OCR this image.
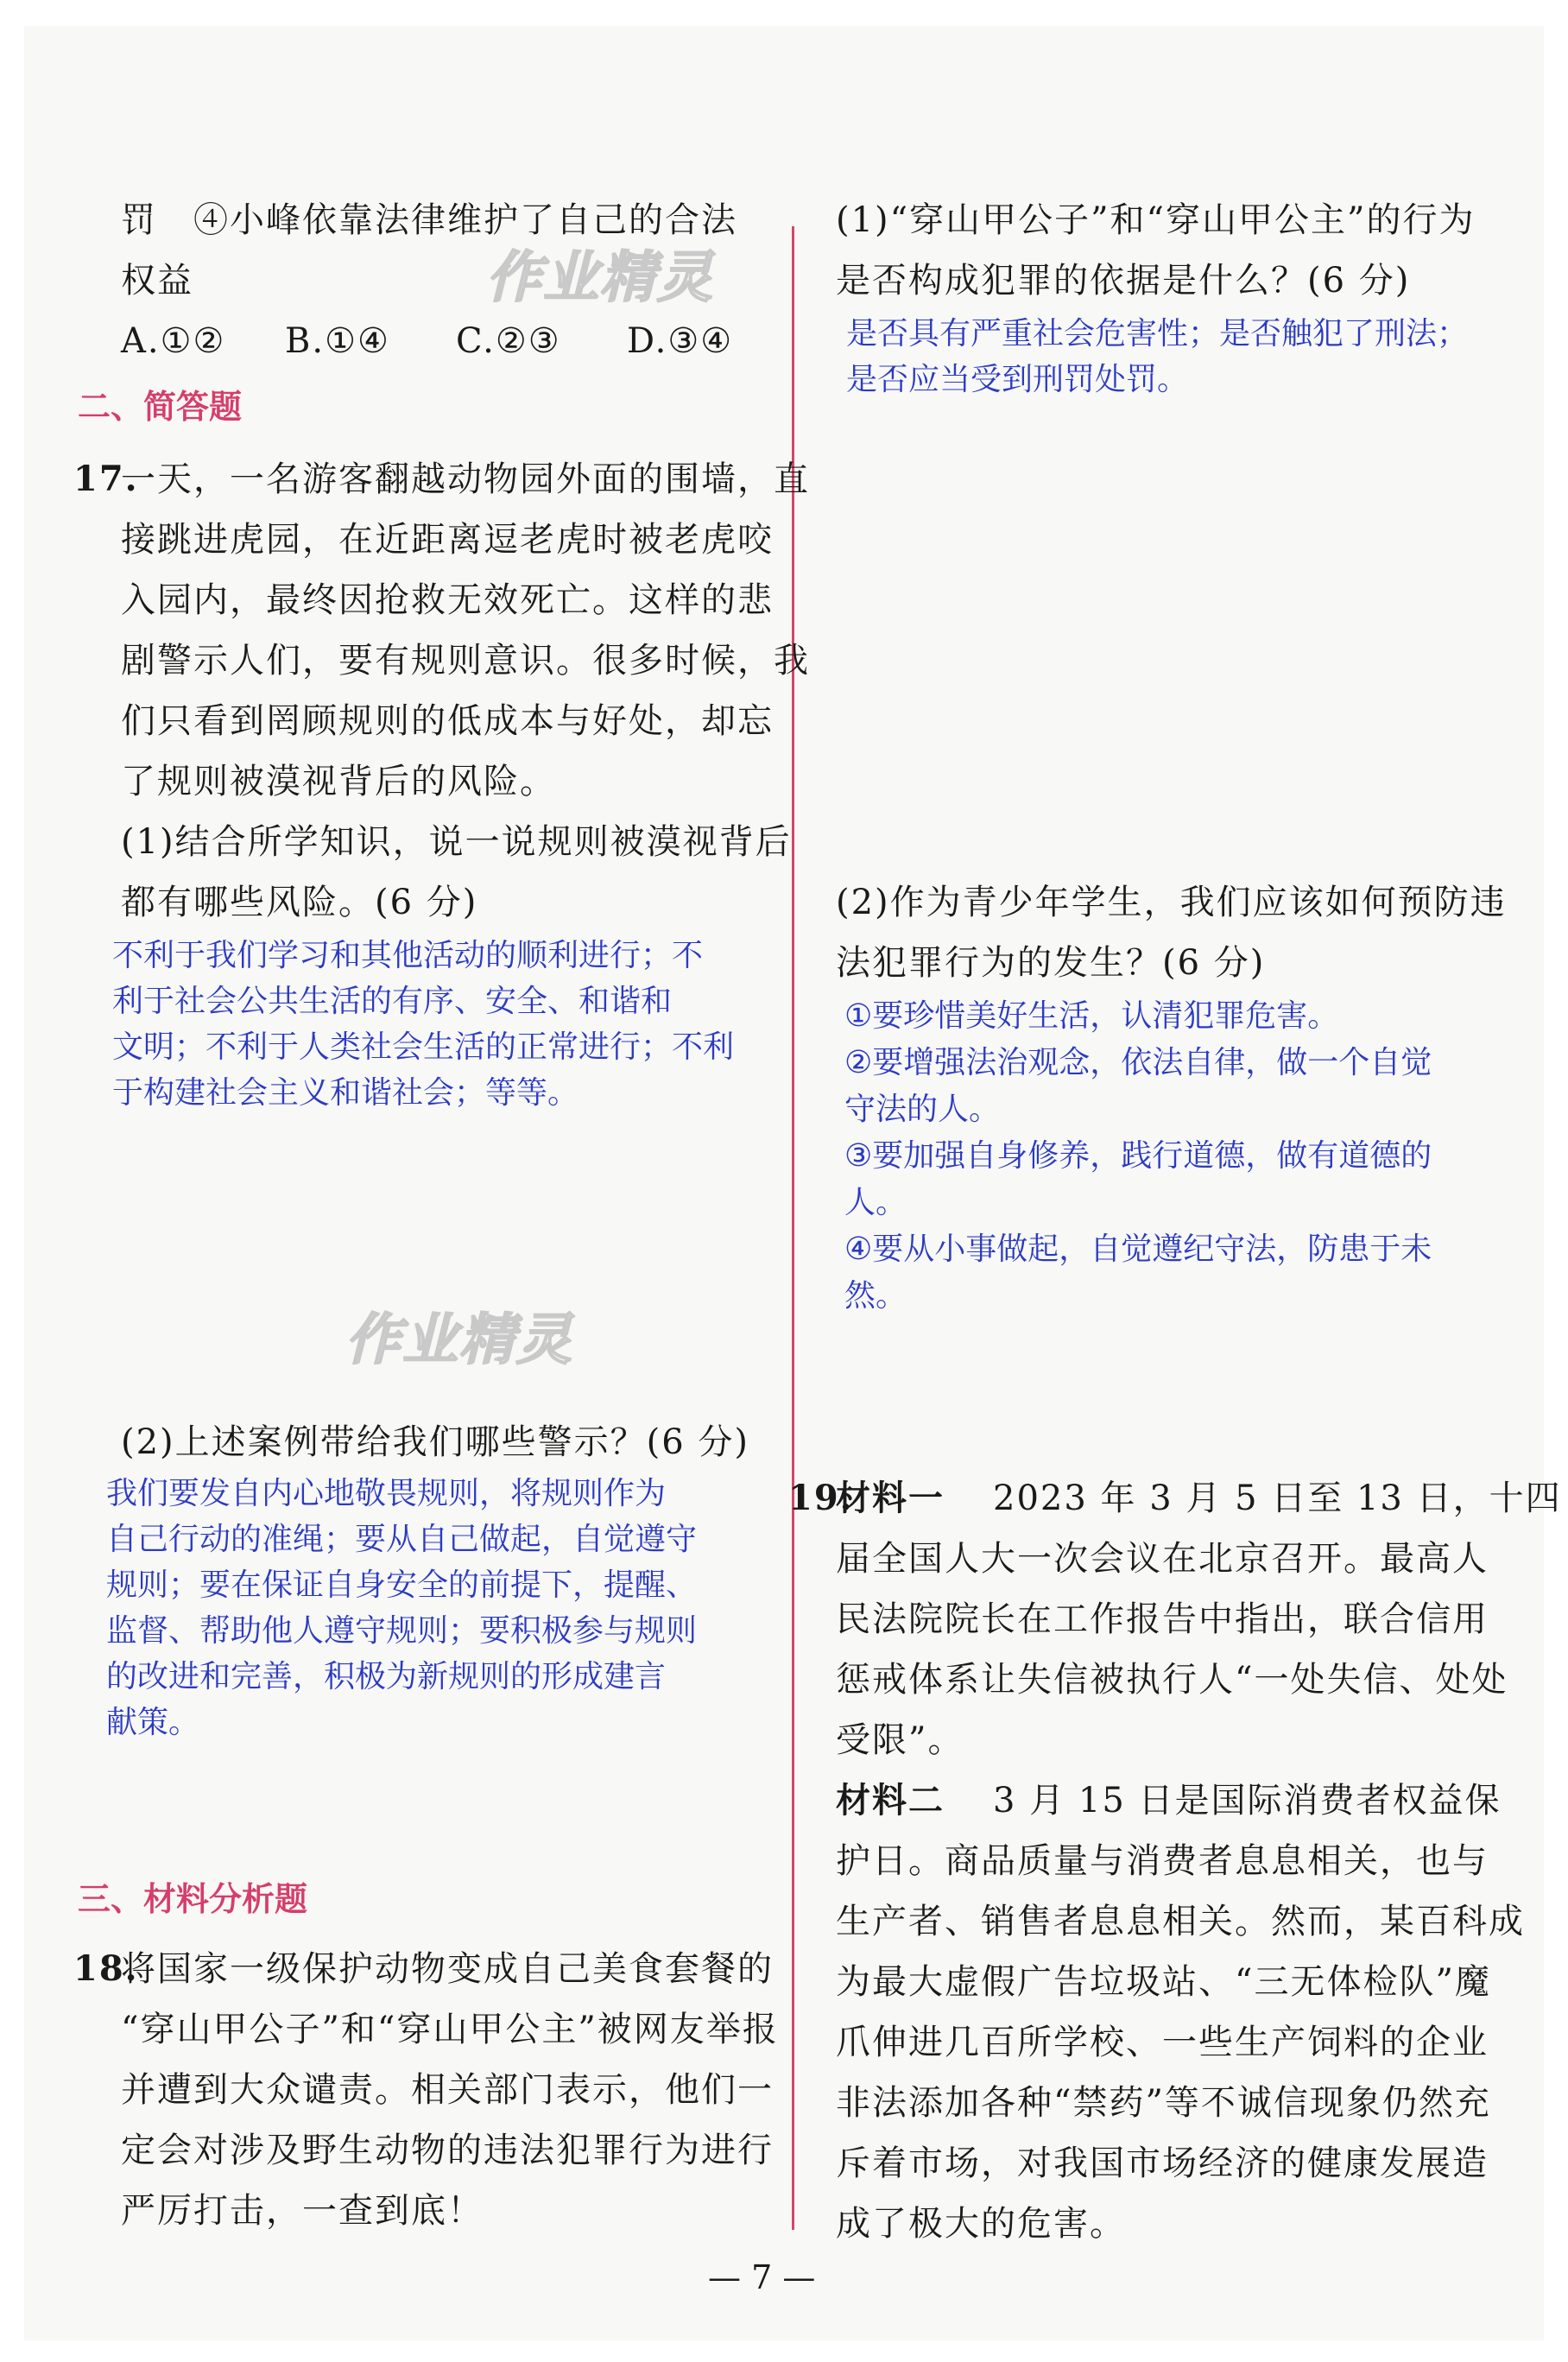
罚　④小峰依靠法律维护了自己的合法
权益	作业精灵
A.①② B.①④ C.②③ D.③④
二、简答题
17.
一天，一名游客翻越动物园外面的围墙，直
接跳进虎园，在近距离逗老虎时被老虎咬
入园内，最终因抢救无效死亡。这样的悲
剧警示人们，要有规则意识。很多时候，我
们只看到罔顾规则的低成本与好处，却忘
了规则被漠视背后的风险。
(1)结合所学知识，说一说规则被漠视背后
都有哪些风险。(6 分)
不利于我们学习和其他活动的顺利进行；不
利于社会公共生活的有序、安全、和谐和
文明；不利于人类社会生活的正常进行；不利
于构建社会主义和谐社会；等等。
作业精灵
(2)上述案例带给我们哪些警示？(6 分)
我们要发自内心地敬畏规则，将规则作为
自己行动的准绳；要从自己做起，自觉遵守
规则；要在保证自身安全的前提下，提醒、
监督、帮助他人遵守规则；要积极参与规则
的改进和完善，积极为新规则的形成建言
献策。
三、材料分析题
18.
将国家一级保护动物变成自己美食套餐的
“穿山甲公子”和“穿山甲公主”被网友举报
并遭到大众谴责。相关部门表示，他们一
定会对涉及野生动物的违法犯罪行为进行
严厉打击，一查到底！
(1)“穿山甲公子”和“穿山甲公主”的行为
是否构成犯罪的依据是什么？(6 分)
是否具有严重社会危害性；是否触犯了刑法；
是否应当受到刑罚处罚。
(2)作为青少年学生，我们应该如何预防违
法犯罪行为的发生？(6 分)
①要珍惜美好生活，认清犯罪危害。
②要增强法治观念，依法自律，做一个自觉
守法的人。
③要加强自身修养，践行道德，做有道德的
人。
④要从小事做起，自觉遵纪守法，防患于未
然。
19.
材料一 　2023 年 3 月 5 日至 13 日，十四
届全国人大一次会议在北京召开。最高人
民法院院长在工作报告中指出，联合信用
惩戒体系让失信被执行人“一处失信、处处
受限”。
材料二 　3 月 15 日是国际消费者权益保
护日。商品质量与消费者息息相关，也与
生产者、销售者息息相关。然而，某百科成
为最大虚假广告垃圾站、“三无体检队”魔
爪伸进几百所学校、一些生产饲料的企业
非法添加各种“禁药”等不诚信现象仍然充
斥着市场，对我国市场经济的健康发展造
成了极大的危害。
— 7 —
